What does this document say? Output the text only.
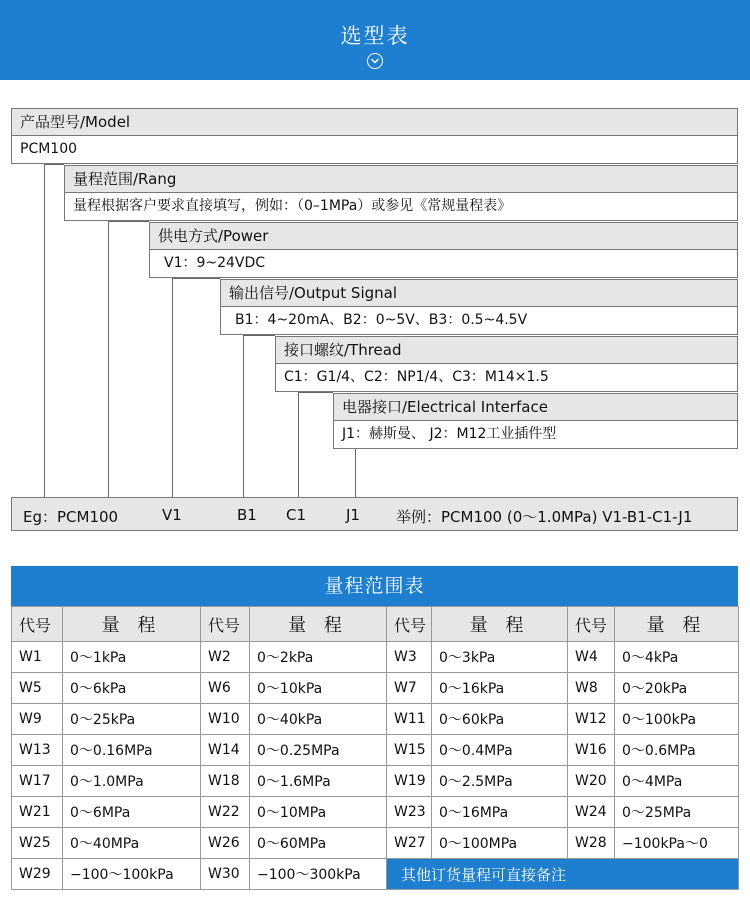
选型表
产品型号/Model
PCM100
量程范围/Rang
量程根据客户要求直接填写，例如：（0–1MPa）或参见《常规量程表》
供电方式/Power
V1：9~24VDC
输出信号/Output Signal
B1：4~20mA、B2：0~5V、B3：0.5~4.5V
接口螺纹/Thread
C1：G1/4、C2：NP1/4、C3：M14×1.5
电器接口/Electrical Interface
J1：赫斯曼、 J2：M12工业插件型
Eg：PCM100	V1	B1 C1	J1 举例：PCM100 (0〜1.0MPa) V1-B1-C1-J1
量程范围表
代号	量 程	代号	量 程	代号	量 程	代号	量 程
W1	0〜1kPa	W2	0〜2kPa	W3	0〜3kPa	W4	0〜4kPa
W5	0〜6kPa	W6	0〜10kPa	W7	0〜16kPa	W8	0〜20kPa
W9	0〜25kPa	W10	0〜40kPa	W11	0〜60kPa	W12	0〜100kPa
W13	0〜0.16MPa	W14	0〜0.25MPa	W15	0〜0.4MPa	W16	0〜0.6MPa
W17	0〜1.0MPa	W18	0〜1.6MPa	W19	0〜2.5MPa	W20	0〜4MPa
W21	0〜6MPa	W22	0〜10MPa	W23	0〜16MPa	W24	0〜25MPa
W25	0〜40MPa	W26	0〜60MPa	W27	0〜100MPa	W28	−100kPa〜0
W29	−100〜100kPa	W30	−100〜300kPa	其他订货量程可直接备注			
